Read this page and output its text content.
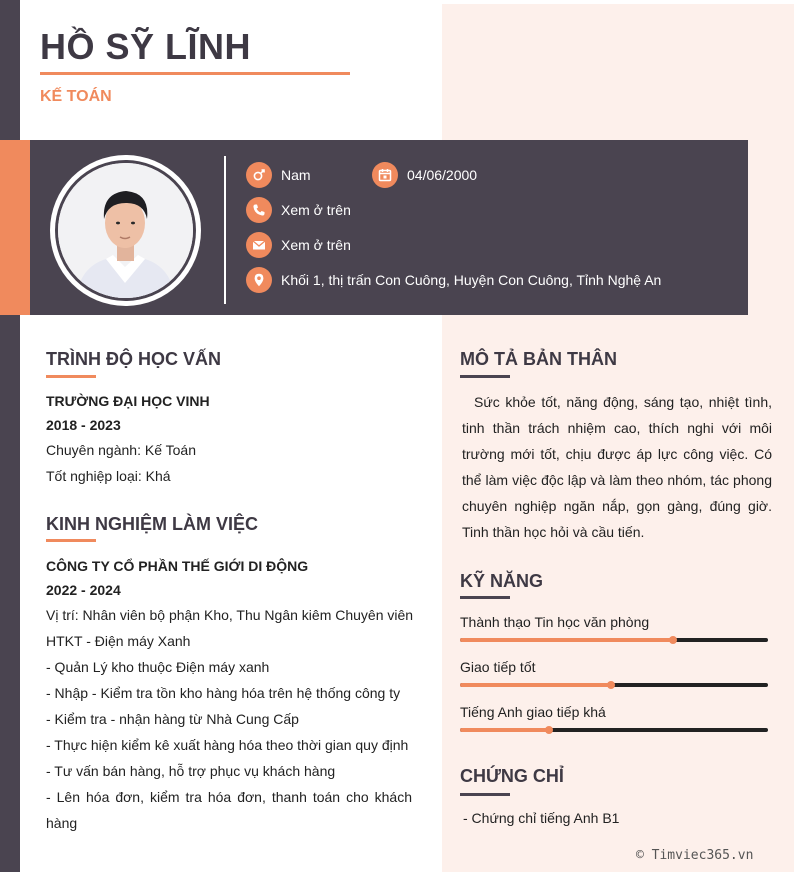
HỒ SỸ LĨNH
KẾ TOÁN
Nam	04/06/2000
Xem ở trên
Xem ở trên
Khối 1, thị trấn Con Cuông, Huyện Con Cuông, Tỉnh Nghệ An
TRÌNH ĐỘ HỌC VẤN
TRƯỜNG ĐẠI HỌC VINH
2018 - 2023
Chuyên ngành: Kế Toán
Tốt nghiệp loại: Khá
KINH NGHIỆM LÀM VIỆC
CÔNG TY CỔ PHẦN THẾ GIỚI DI ĐỘNG
2022 - 2024
Vị trí: Nhân viên bộ phận Kho, Thu Ngân kiêm Chuyên viên
HTKT - Điện máy Xanh
- Quản Lý kho thuộc Điện máy xanh
- Nhập - Kiểm tra tồn kho hàng hóa trên hệ thống công ty
- Kiểm tra - nhận hàng từ Nhà Cung Cấp
- Thực hiện kiểm kê xuất hàng hóa theo thời gian quy định
- Tư vấn bán hàng, hỗ trợ phục vụ khách hàng
- Lên hóa đơn, kiểm tra hóa đơn, thanh toán cho khách
hàng
MÔ TẢ BẢN THÂN
Sức khỏe tốt, năng động, sáng tạo, nhiệt tình, tinh thần trách nhiệm cao, thích nghi với môi trường mới tốt, chịu được áp lực công việc. Có thể làm việc độc lập và làm theo nhóm, tác phong chuyên nghiệp ngăn nắp, gọn gàng, đúng giờ. Tinh thần học hỏi và cầu tiến.
KỸ NĂNG
Thành thạo Tin học văn phòng
Giao tiếp tốt
Tiếng Anh giao tiếp khá
CHỨNG CHỈ
- Chứng chỉ tiếng Anh B1
© Timviec365.vn
